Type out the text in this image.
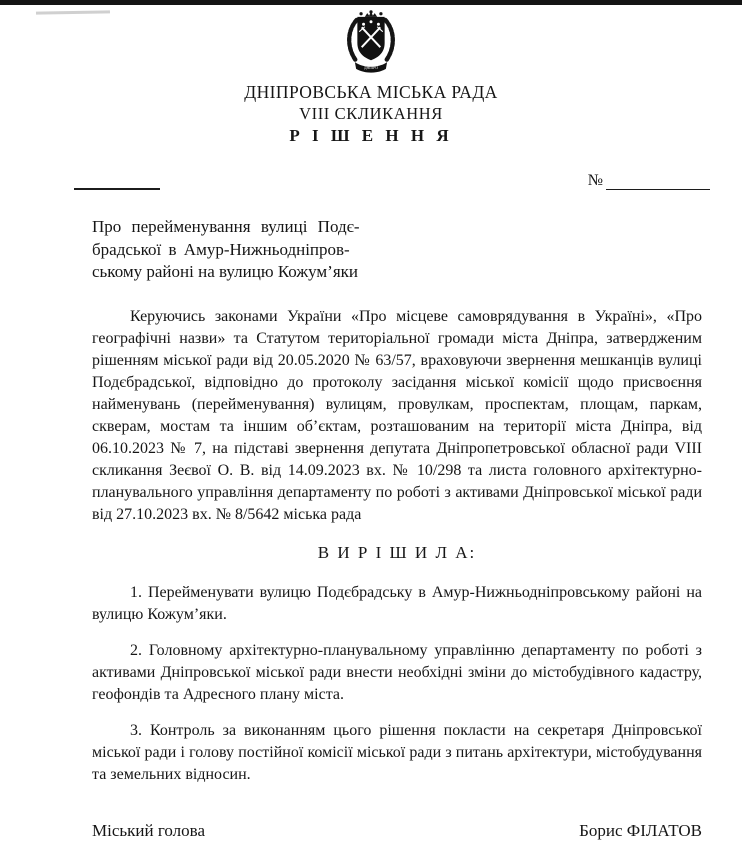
ДНІПРО
ДНІПРОВСЬКА МІСЬКА РАДА
VIII СКЛИКАННЯ
Р І Ш Е Н Н Я
№
Про перейменування вулиці Подє-
брадської в Амур-Нижньодніпров-
ському районі на вулицю Кожум’яки

Керуючись законами України «Про місцеве самоврядування в Україні», «Про географічні назви» та Статутом територіальної громади міста Дніпра, затвердженим рішенням міської ради від 20.05.2020 № 63/57, враховуючи звернення мешканців вулиці Подєбрадської, відповідно до протоколу засідання міської комісії щодо присвоєння найменувань (перейменування) вулицям, провулкам, проспектам, площам, паркам, скверам, мостам та іншим об’єктам, розташованим на території міста Дніпра, від 06.10.2023 № 7, на підставі звернення депутата Дніпропетровської обласної ради VIII скликання Зеєвої О. В. від 14.09.2023 вх. № 10/298 та листа головного архітектурно-планувального управління департаменту по роботі з активами Дніпровської міської ради від 27.10.2023 вх. № 8/5642 міська рада

В И Р І Ш И Л А:

1. Перейменувати вулицю Подєбрадську в Амур-Нижньодніпровському районі на вулицю Кожум’яки.

2. Головному архітектурно-планувальному управлінню департаменту по роботі з активами Дніпровської міської ради внести необхідні зміни до містобудівного кадастру, геофондів та Адресного плану міста.

3. Контроль за виконанням цього рішення покласти на секретаря Дніпровської міської ради і голову постійної комісії міської ради з питань архітектури, містобудування та земельних відносин.

Міський голова	Борис ФІЛАТОВ
